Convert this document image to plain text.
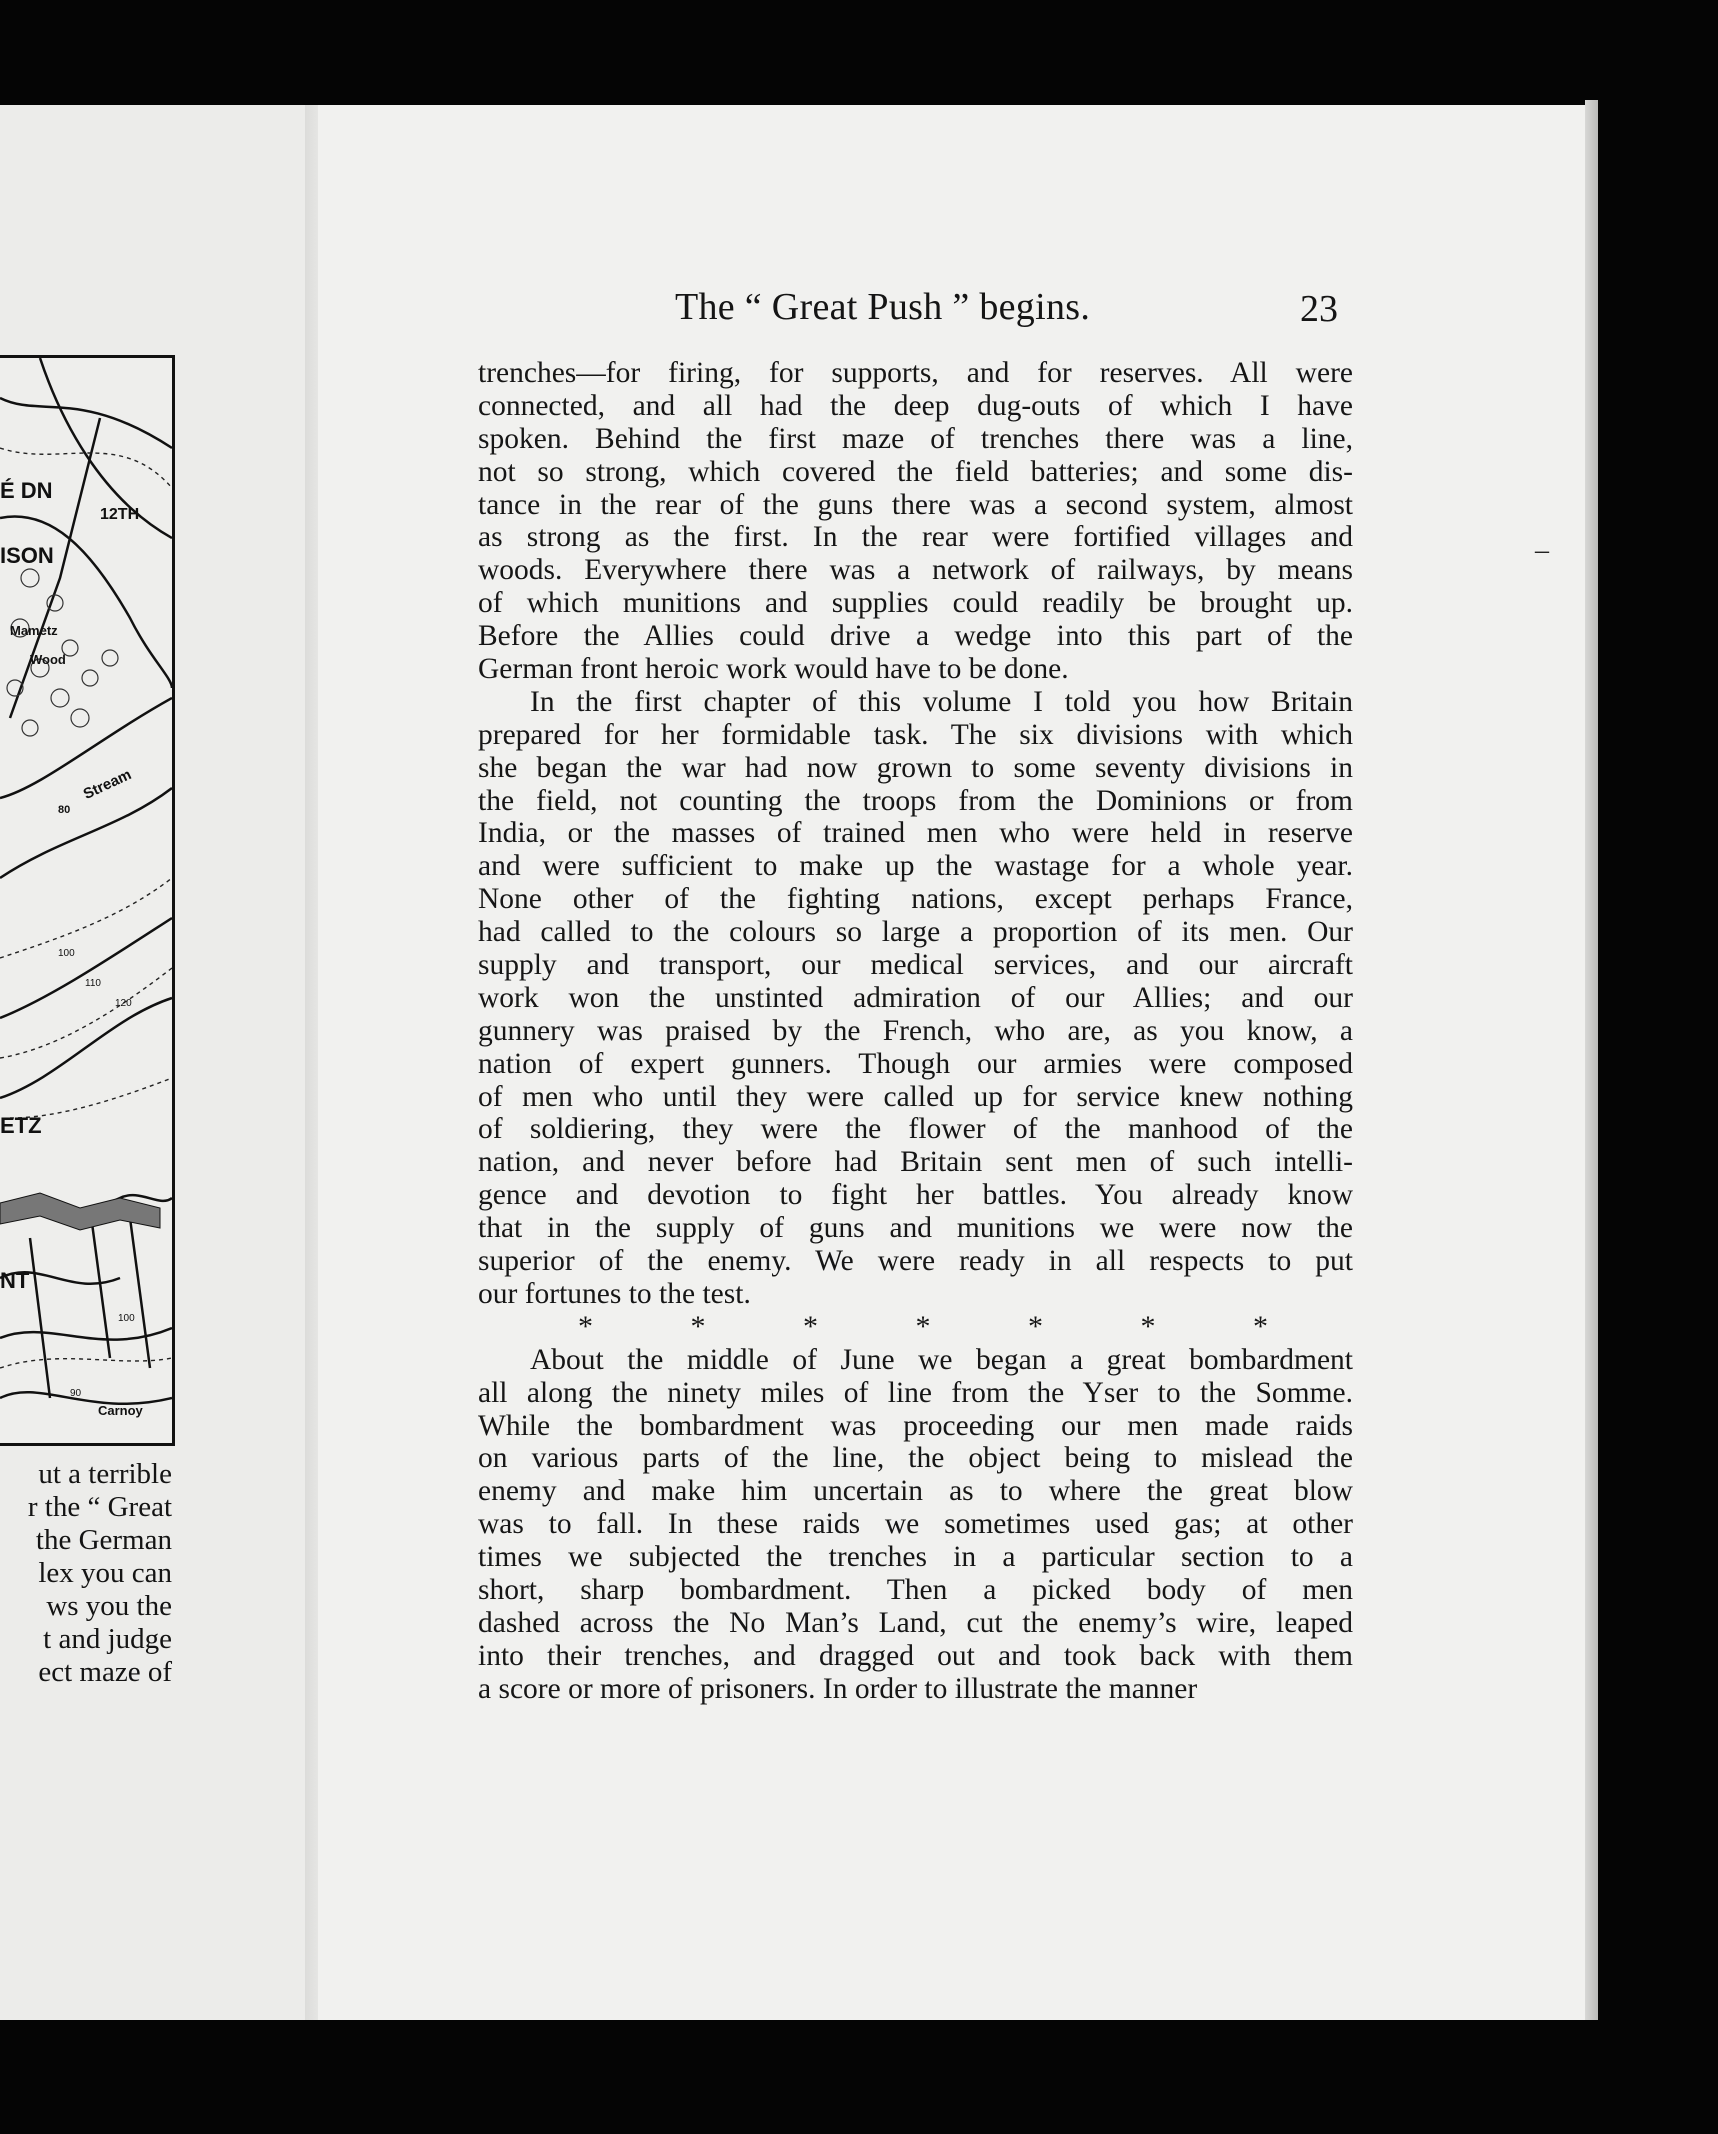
É DN
12TH
ISON
Mametz
Wood
80
Stream
100
110
120
ETZ
NT
100
90
Carnoy
ut a terrible
r the “ Great
the German
lex you can
ws you the
t and judge
ect maze of
The “ Great Push ” begins.	23
trenches—for firing, for supports, and for reserves. All were
connected, and all had the deep dug-outs of which I have
spoken. Behind the first maze of trenches there was a line,
not so strong, which covered the field batteries; and some dis-
tance in the rear of the guns there was a second system, almost
as strong as the first. In the rear were fortified villages and
woods. Everywhere there was a network of railways, by means
of which munitions and supplies could readily be brought up.
Before the Allies could drive a wedge into this part of the
German front heroic work would have to be done.
In the first chapter of this volume I told you how Britain
prepared for her formidable task. The six divisions with which
she began the war had now grown to some seventy divisions in
the field, not counting the troops from the Dominions or from
India, or the masses of trained men who were held in reserve
and were sufficient to make up the wastage for a whole year.
None other of the fighting nations, except perhaps France,
had called to the colours so large a proportion of its men. Our
supply and transport, our medical services, and our aircraft
work won the unstinted admiration of our Allies; and our
gunnery was praised by the French, who are, as you know, a
nation of expert gunners. Though our armies were composed
of men who until they were called up for service knew nothing
of soldiering, they were the flower of the manhood of the
nation, and never before had Britain sent men of such intelli-
gence and devotion to fight her battles. You already know
that in the supply of guns and munitions we were now the
superior of the enemy. We were ready in all respects to put
our fortunes to the test.
*	*	*	*	*	*	*
About the middle of June we began a great bombardment
all along the ninety miles of line from the Yser to the Somme.
While the bombardment was proceeding our men made raids
on various parts of the line, the object being to mislead the
enemy and make him uncertain as to where the great blow
was to fall. In these raids we sometimes used gas; at other
times we subjected the trenches in a particular section to a
short, sharp bombardment. Then a picked body of men
dashed across the No Man’s Land, cut the enemy’s wire, leaped
into their trenches, and dragged out and took back with them
a score or more of prisoners. In order to illustrate the manner
–
